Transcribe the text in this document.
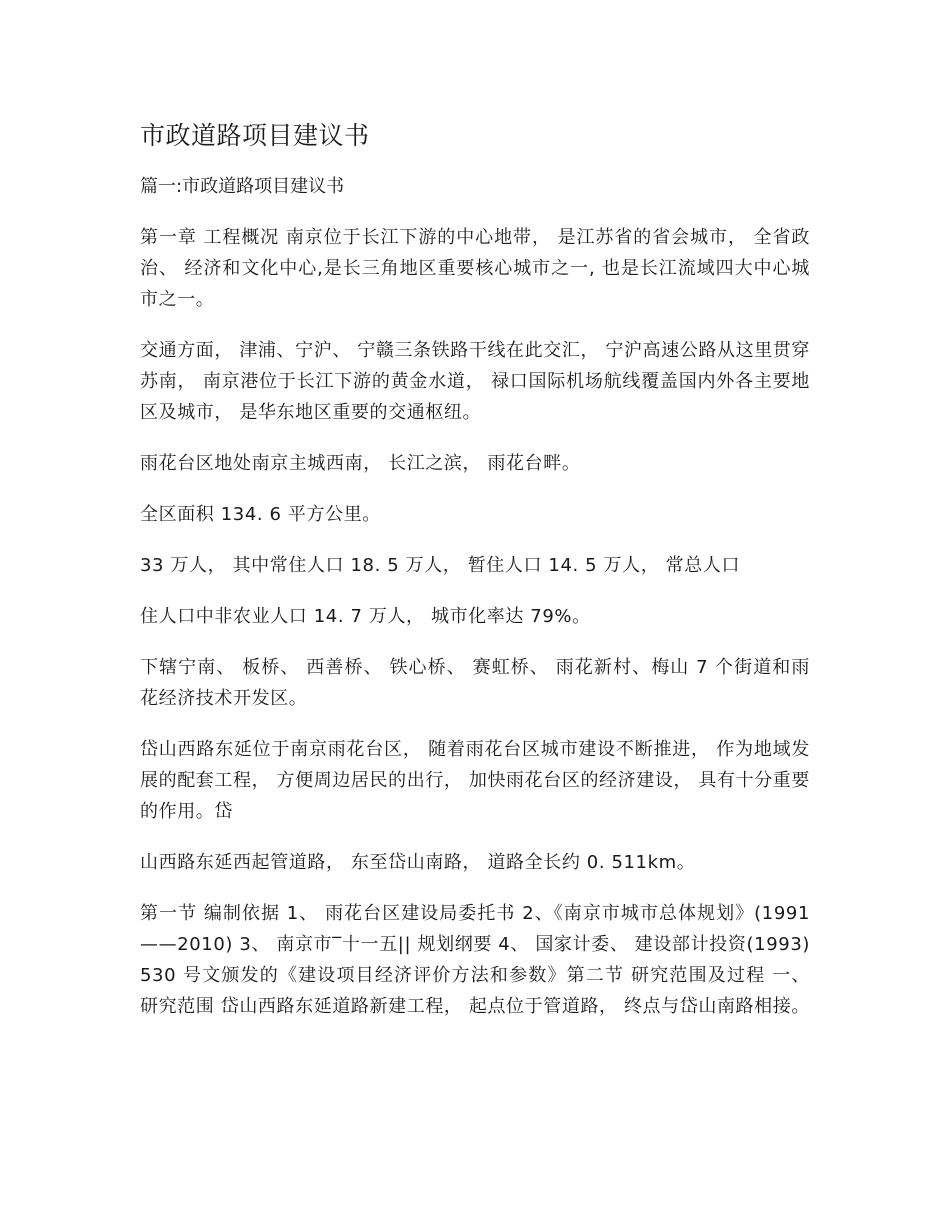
市政道路项目建议书

篇一:市政道路项目建议书

第一章 工程概况 南京位于长江下游的中心地带， 是江苏省的省会城市， 全省政治、 经济和文化中心,是长三角地区重要核心城市之一, 也是长江流域四大中心城市之一。

交通方面， 津浦、宁沪、 宁赣三条铁路干线在此交汇， 宁沪高速公路从这里贯穿苏南， 南京港位于长江下游的黄金水道， 禄口国际机场航线覆盖国内外各主要地区及城市， 是华东地区重要的交通枢纽。

雨花台区地处南京主城西南， 长江之滨， 雨花台畔。

全区面积 134. 6 平方公里。

33 万人， 其中常住人口 18. 5 万人， 暂住人口 14. 5 万人， 常总人口

住人口中非农业人口 14. 7 万人， 城市化率达 79%。

下辖宁南、 板桥、 西善桥、 铁心桥、 赛虹桥、 雨花新村、梅山 7 个街道和雨花经济技术开发区。

岱山西路东延位于南京雨花台区， 随着雨花台区城市建设不断推进， 作为地域发展的配套工程， 方便周边居民的出行， 加快雨花台区的经济建设， 具有十分重要的作用。岱

山西路东延西起管道路， 东至岱山南路， 道路全长约 0. 511km。

第一节 编制依据 1、 雨花台区建设局委托书 2、《南京市城市总体规划》(1991——2010) 3、 南京市‾十一五|| 规划纲要 4、 国家计委、 建设部计投资(1993) 530 号文颁发的《建设项目经济评价方法和参数》第二节 研究范围及过程 一、 研究范围 岱山西路东延道路新建工程， 起点位于管道路， 终点与岱山南路相接。
